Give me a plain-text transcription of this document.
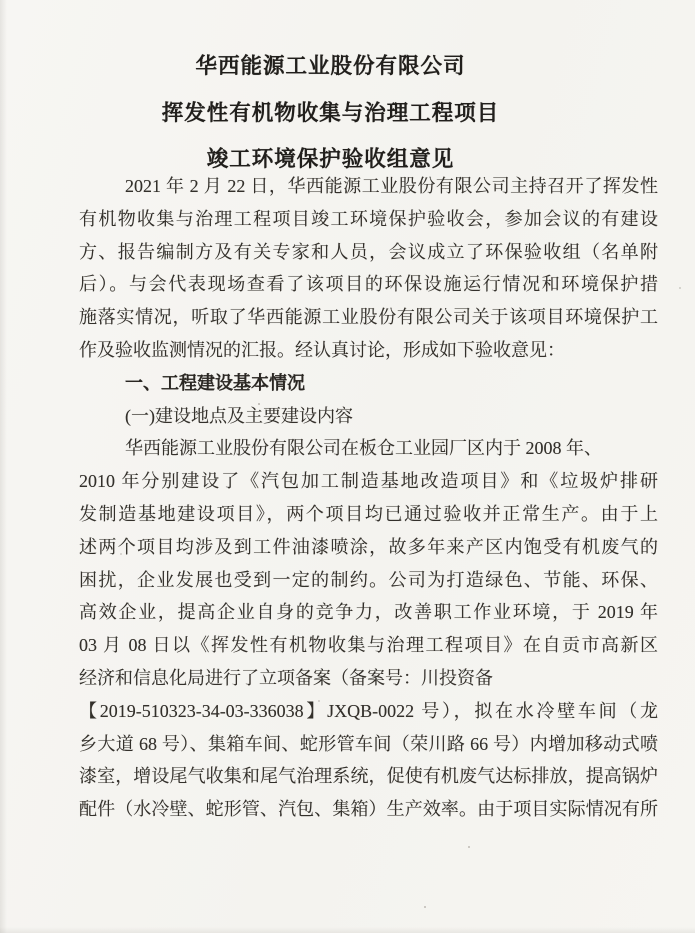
华西能源工业股份有限公司
挥发性有机物收集与治理工程项目
竣工环境保护验收组意见
2021 年 2 月 22 日，华西能源工业股份有限公司主持召开了挥发性
有机物收集与治理工程项目竣工环境保护验收会，参加会议的有建设
方、报告编制方及有关专家和人员，会议成立了环保验收组（名单附
后）。与会代表现场查看了该项目的环保设施运行情况和环境保护措
施落实情况，听取了华西能源工业股份有限公司关于该项目环境保护工
作及验收监测情况的汇报。经认真讨论，形成如下验收意见：
一、工程建设基本情况
(一)建设地点及主要建设内容
华西能源工业股份有限公司在板仓工业园厂区内于 2008 年、
2010 年分别建设了《汽包加工制造基地改造项目》和《垃圾炉排研
发制造基地建设项目》，两个项目均已通过验收并正常生产。由于上
述两个项目均涉及到工件油漆喷涂，故多年来产区内饱受有机废气的
困扰，企业发展也受到一定的制约。公司为打造绿色、节能、环保、
高效企业，提高企业自身的竞争力，改善职工作业环境，于 2019 年
03 月 08 日以《挥发性有机物收集与治理工程项目》在自贡市高新区
经济和信息化局进行了立项备案（备案号：川投资备
【2019-510323-34-03-336038】JXQB-0022 号），拟在水冷壁车间（龙
乡大道 68 号）、集箱车间、蛇形管车间（荣川路 66 号）内增加移动式喷
漆室，增设尾气收集和尾气治理系统，促使有机废气达标排放，提高锅炉
配件（水冷壁、蛇形管、汽包、集箱）生产效率。由于项目实际情况有所
